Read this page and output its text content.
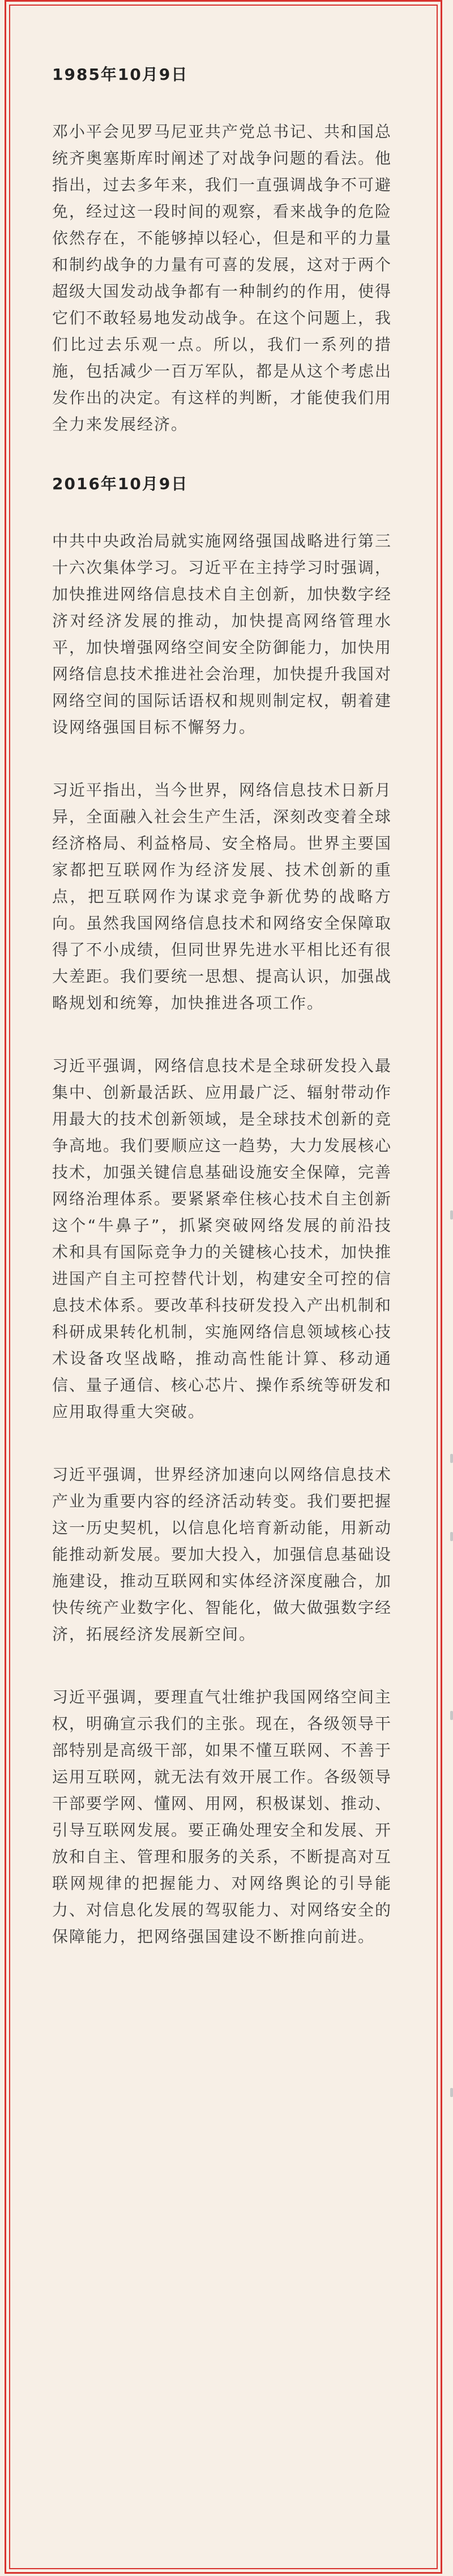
1985年10月9日

邓小平会见罗马尼亚共产党总书记、共和国总统齐奥塞斯库时阐述了对战争问题的看法。他指出，过去多年来，我们一直强调战争不可避免，经过这一段时间的观察，看来战争的危险依然存在，不能够掉以轻心，但是和平的力量和制约战争的力量有可喜的发展，这对于两个超级大国发动战争都有一种制约的作用，使得它们不敢轻易地发动战争。在这个问题上，我们比过去乐观一点。所以，我们一系列的措施，包括减少一百万军队，都是从这个考虑出发作出的决定。有这样的判断，才能使我们用全力来发展经济。

2016年10月9日

中共中央政治局就实施网络强国战略进行第三十六次集体学习。习近平在主持学习时强调，加快推进网络信息技术自主创新，加快数字经济对经济发展的推动，加快提高网络管理水平，加快增强网络空间安全防御能力，加快用网络信息技术推进社会治理，加快提升我国对网络空间的国际话语权和规则制定权，朝着建设网络强国目标不懈努力。

习近平指出，当今世界，网络信息技术日新月异，全面融入社会生产生活，深刻改变着全球经济格局、利益格局、安全格局。世界主要国家都把互联网作为经济发展、技术创新的重点，把互联网作为谋求竞争新优势的战略方向。虽然我国网络信息技术和网络安全保障取得了不小成绩，但同世界先进水平相比还有很大差距。我们要统一思想、提高认识，加强战略规划和统筹，加快推进各项工作。

习近平强调，网络信息技术是全球研发投入最集中、创新最活跃、应用最广泛、辐射带动作用最大的技术创新领域，是全球技术创新的竞争高地。我们要顺应这一趋势，大力发展核心技术，加强关键信息基础设施安全保障，完善网络治理体系。要紧紧牵住核心技术自主创新这个“牛鼻子”，抓紧突破网络发展的前沿技术和具有国际竞争力的关键核心技术，加快推进国产自主可控替代计划，构建安全可控的信息技术体系。要改革科技研发投入产出机制和科研成果转化机制，实施网络信息领域核心技术设备攻坚战略，推动高性能计算、移动通信、量子通信、核心芯片、操作系统等研发和应用取得重大突破。

习近平强调，世界经济加速向以网络信息技术产业为重要内容的经济活动转变。我们要把握这一历史契机，以信息化培育新动能，用新动能推动新发展。要加大投入，加强信息基础设施建设，推动互联网和实体经济深度融合，加快传统产业数字化、智能化，做大做强数字经济，拓展经济发展新空间。

习近平强调，要理直气壮维护我国网络空间主权，明确宣示我们的主张。现在，各级领导干部特别是高级干部，如果不懂互联网、不善于运用互联网，就无法有效开展工作。各级领导干部要学网、懂网、用网，积极谋划、推动、引导互联网发展。要正确处理安全和发展、开放和自主、管理和服务的关系，不断提高对互联网规律的把握能力、对网络舆论的引导能力、对信息化发展的驾驭能力、对网络安全的保障能力，把网络强国建设不断推向前进。
